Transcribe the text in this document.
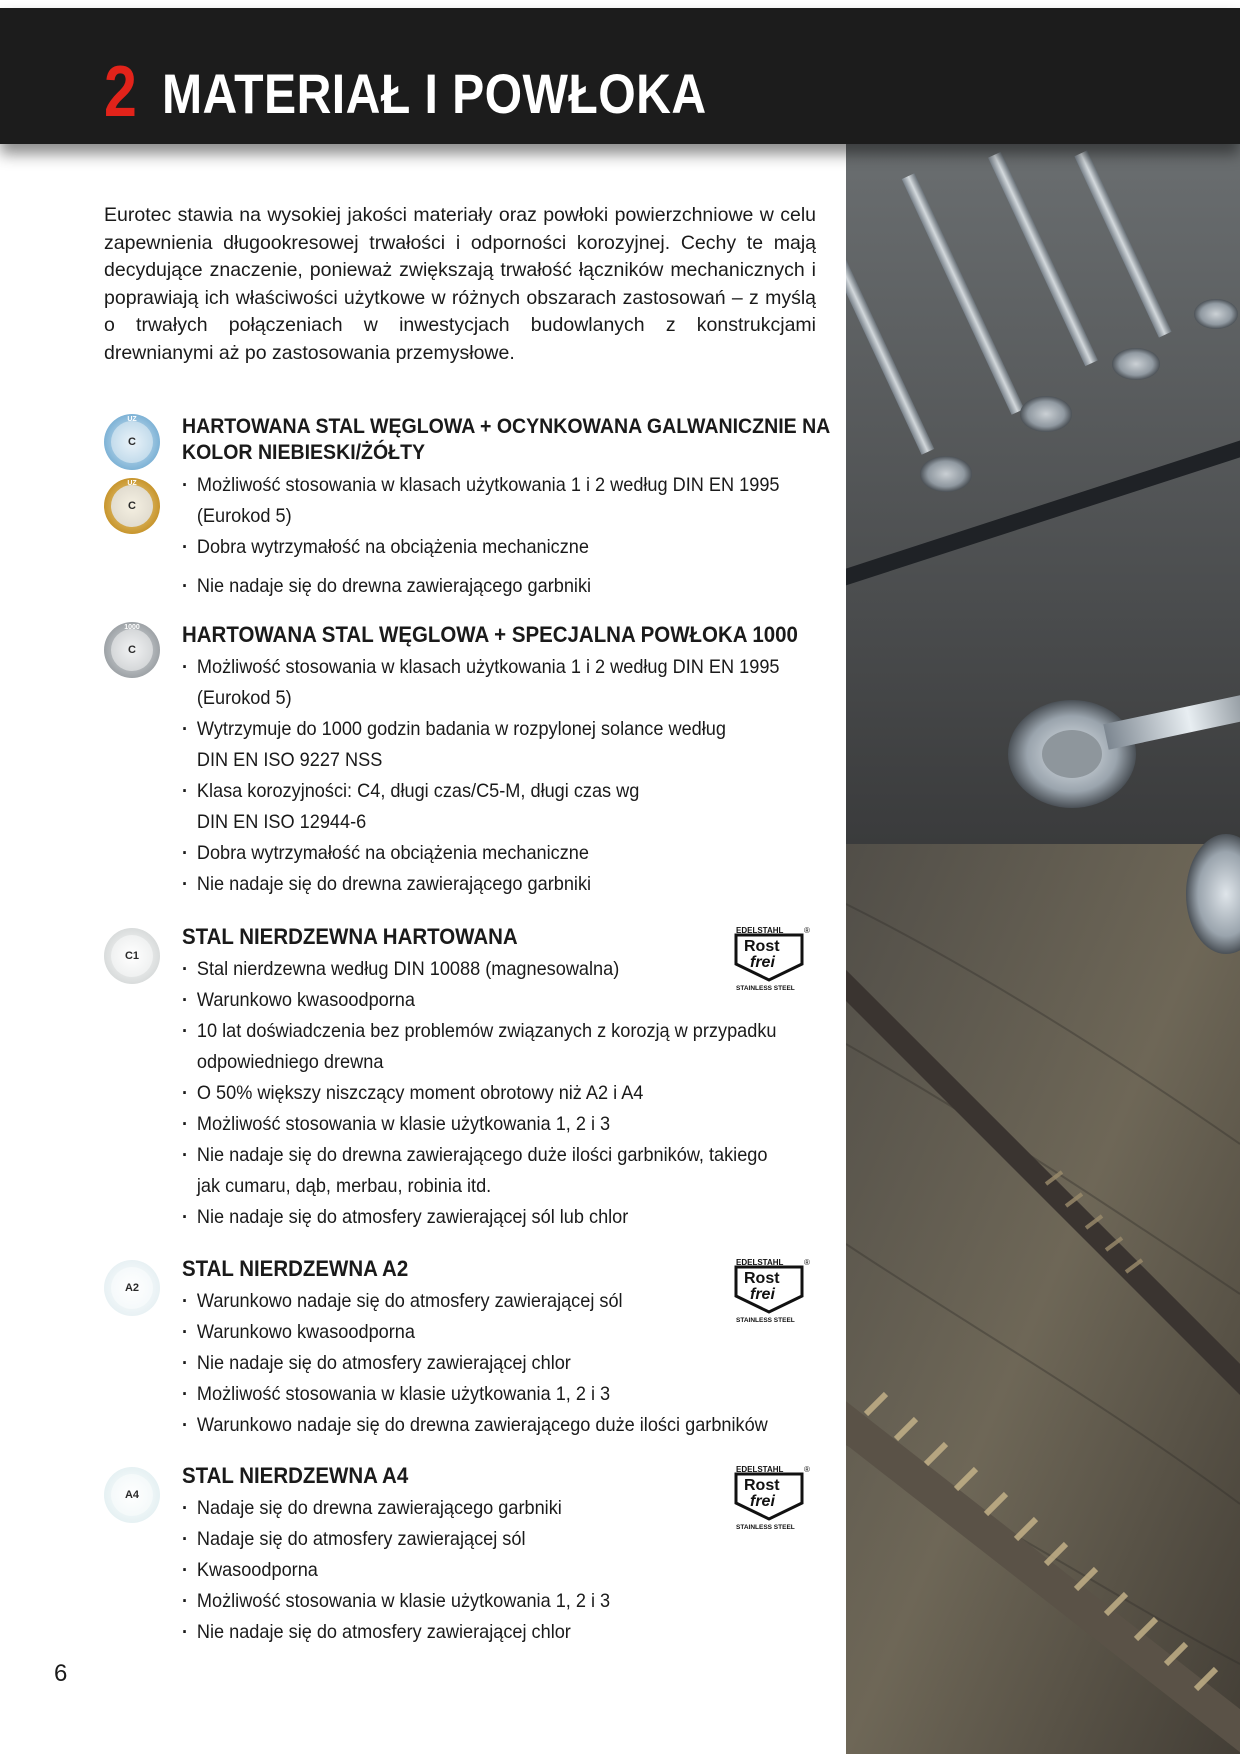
2 MATERIAŁ I POWŁOKA
Eurotec stawia na wysokiej jakości materiały oraz powłoki powierzchniowe w celu zapewnienia długookresowej trwałości i odporności korozyjnej. Cechy te mają decydujące znaczenie, ponieważ zwiększają trwałość łączników mechanicznych i poprawiają ich właściwości użytkowe w różnych obszarach zastosowań – z myślą o trwałych połączeniach w inwestycjach budowlanych z konstrukcjami drewnianymi aż po zastosowania przemysłowe.
UZ
C
UZ
C
HARTOWANA STAL WĘGLOWA + OCYNKOWANA GALWANICZNIE NA
KOLOR NIEBIESKI/ŻÓŁTY
· Możliwość stosowania w klasach użytkowania 1 i 2 według DIN EN 1995
(Eurokod 5)
· Dobra wytrzymałość na obciążenia mechaniczne
· Nie nadaje się do drewna zawierającego garbniki
1000
C
HARTOWANA STAL WĘGLOWA + SPECJALNA POWŁOKA 1000
· Możliwość stosowania w klasach użytkowania 1 i 2 według DIN EN 1995
(Eurokod 5)
· Wytrzymuje do 1000 godzin badania w rozpylonej solance według
DIN EN ISO 9227 NSS
· Klasa korozyjności: C4, długi czas/C5-M, długi czas wg
DIN EN ISO 12944-6
· Dobra wytrzymałość na obciążenia mechaniczne
· Nie nadaje się do drewna zawierającego garbniki
C1
STAL NIERDZEWNA HARTOWANA
· Stal nierdzewna według DIN 10088 (magnesowalna)
· Warunkowo kwasoodporna
· 10 lat doświadczenia bez problemów związanych z korozją w przypadku
odpowiedniego drewna
· O 50% większy niszczący moment obrotowy niż A2 i A4
· Możliwość stosowania w klasie użytkowania 1, 2 i 3
· Nie nadaje się do drewna zawierającego duże ilości garbników, takiego
jak cumaru, dąb, merbau, robinia itd.
· Nie nadaje się do atmosfery zawierającej sól lub chlor
EDELSTAHL	®
Rost
frei
STAINLESS STEEL
A2
STAL NIERDZEWNA A2
· Warunkowo nadaje się do atmosfery zawierającej sól
· Warunkowo kwasoodporna
· Nie nadaje się do atmosfery zawierającej chlor
· Możliwość stosowania w klasie użytkowania 1, 2 i 3
· Warunkowo nadaje się do drewna zawierającego duże ilości garbników
EDELSTAHL	®
Rost
frei
STAINLESS STEEL
A4
STAL NIERDZEWNA A4
· Nadaje się do drewna zawierającego garbniki
· Nadaje się do atmosfery zawierającej sól
· Kwasoodporna
· Możliwość stosowania w klasie użytkowania 1, 2 i 3
· Nie nadaje się do atmosfery zawierającej chlor
EDELSTAHL	®
Rost
frei
STAINLESS STEEL
6
